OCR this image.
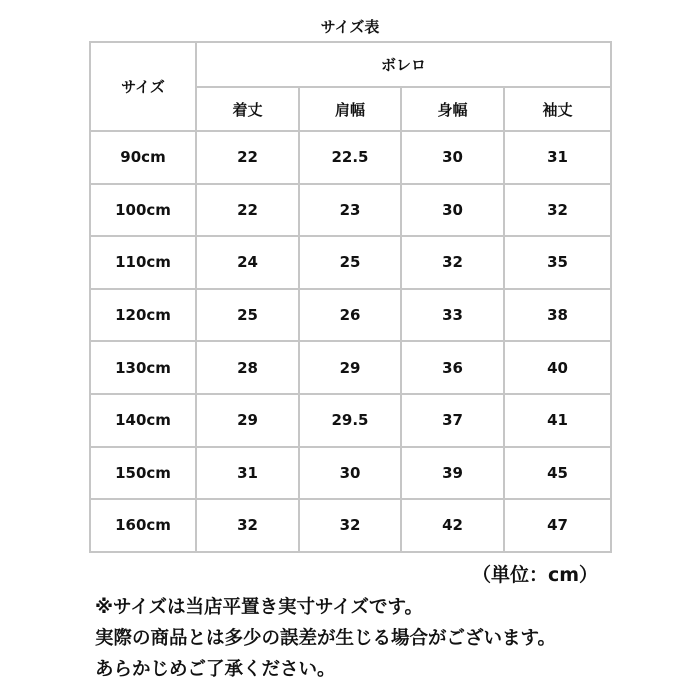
サイズ表
サイズ	ボレロ			
	着丈	肩幅	身幅	袖丈
90cm	22	22.5	30	31
100cm	22	23	30	32
110cm	24	25	32	35
120cm	25	26	33	38
130cm	28	29	36	40
140cm	29	29.5	37	41
150cm	31	30	39	45
160cm	32	32	42	47
（単位：cm）
※サイズは当店平置き実寸サイズです。
実際の商品とは多少の誤差が生じる場合がございます。
あらかじめご了承ください。
